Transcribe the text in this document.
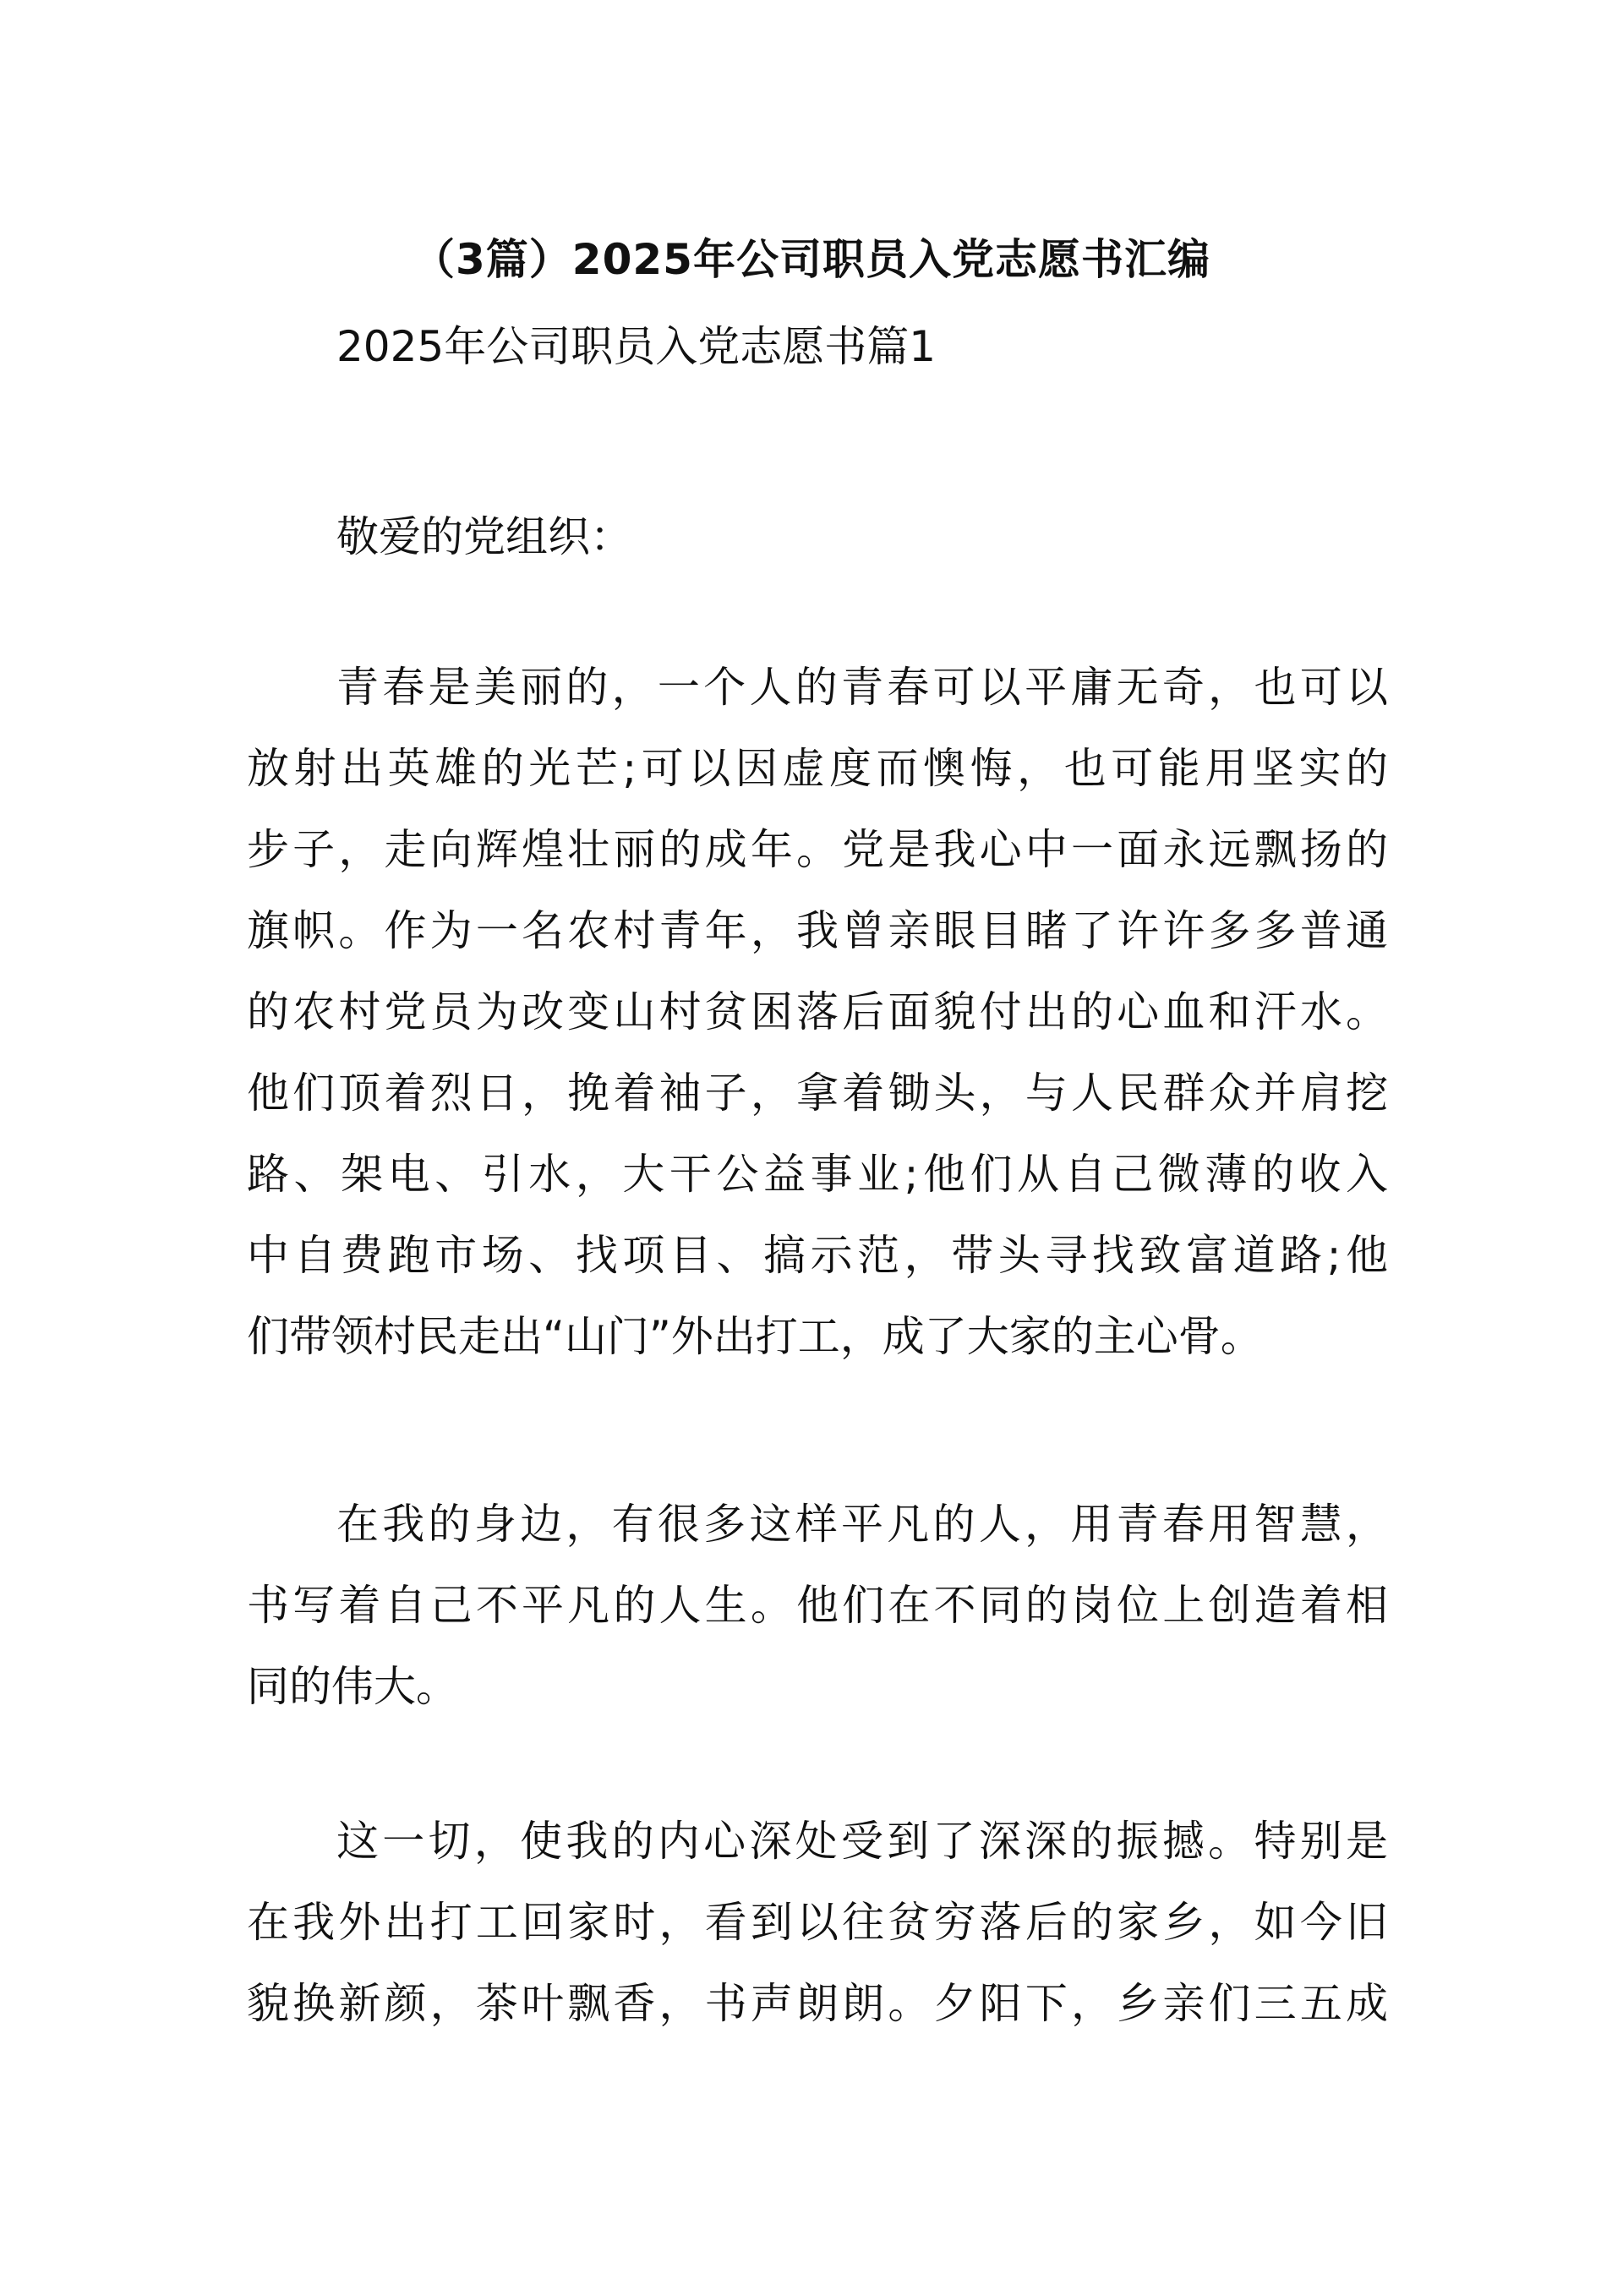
（3篇）2025年公司职员入党志愿书汇编
2025年公司职员入党志愿书篇1
敬爱的党组织：
青春是美丽的，一个人的青春可以平庸无奇，也可以
放射出英雄的光芒;可以因虚度而懊悔，也可能用坚实的
步子，走向辉煌壮丽的成年。党是我心中一面永远飘扬的
旗帜。作为一名农村青年，我曾亲眼目睹了许许多多普通
的农村党员为改变山村贫困落后面貌付出的心血和汗水。
他们顶着烈日，挽着袖子，拿着锄头，与人民群众并肩挖
路、架电、引水，大干公益事业;他们从自己微薄的收入
中自费跑市场、找项目、搞示范，带头寻找致富道路;他
们带领村民走出“山门”外出打工，成了大家的主心骨。
在我的身边，有很多这样平凡的人，用青春用智慧，
书写着自己不平凡的人生。他们在不同的岗位上创造着相
同的伟大。
这一切，使我的内心深处受到了深深的振撼。特别是
在我外出打工回家时，看到以往贫穷落后的家乡，如今旧
貌换新颜，茶叶飘香，书声朗朗。夕阳下，乡亲们三五成
